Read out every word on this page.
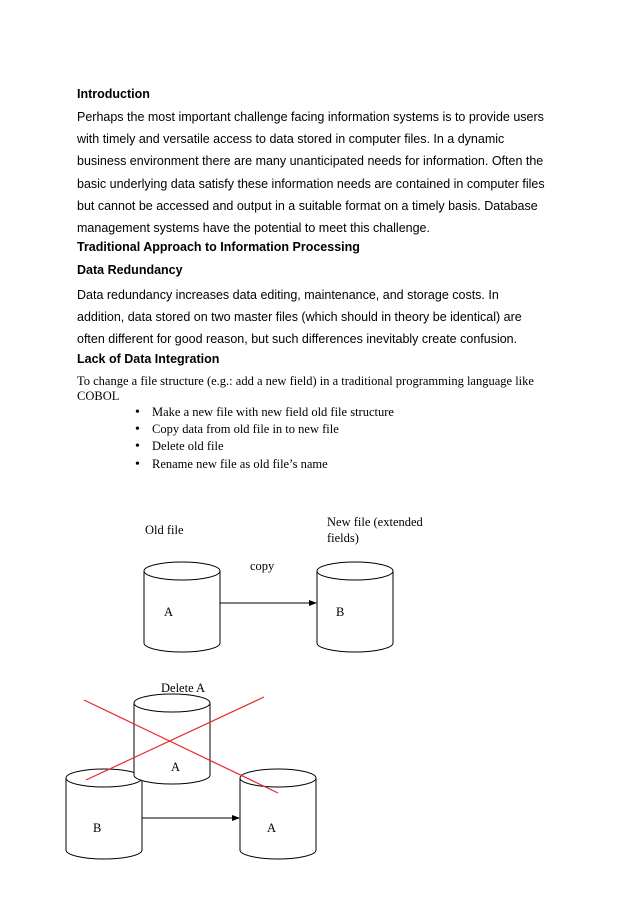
Introduction
Perhaps the most important challenge facing information systems is to provide users
with timely and versatile access to data stored in computer files. In a dynamic
business environment there are many unanticipated needs for information. Often the
basic underlying data satisfy these information needs are contained in computer files
but cannot be accessed and output in a suitable format on a timely basis. Database
management systems have the potential to meet this challenge.
Traditional Approach to Information Processing
Data Redundancy
Data redundancy increases data editing, maintenance, and storage costs. In
addition, data stored on two master files (which should in theory be identical) are
often different for good reason, but such differences inevitably create confusion.
Lack of Data Integration
To change a file structure (e.g.: add a new field) in a traditional programming language like
COBOL
• Make a new file with new field old file structure
• Copy data from old file in to new file
• Delete old file
• Rename new file as old file’s name
Old file
New file (extended
fields)
copy
A	B
Delete A
A
B	A
